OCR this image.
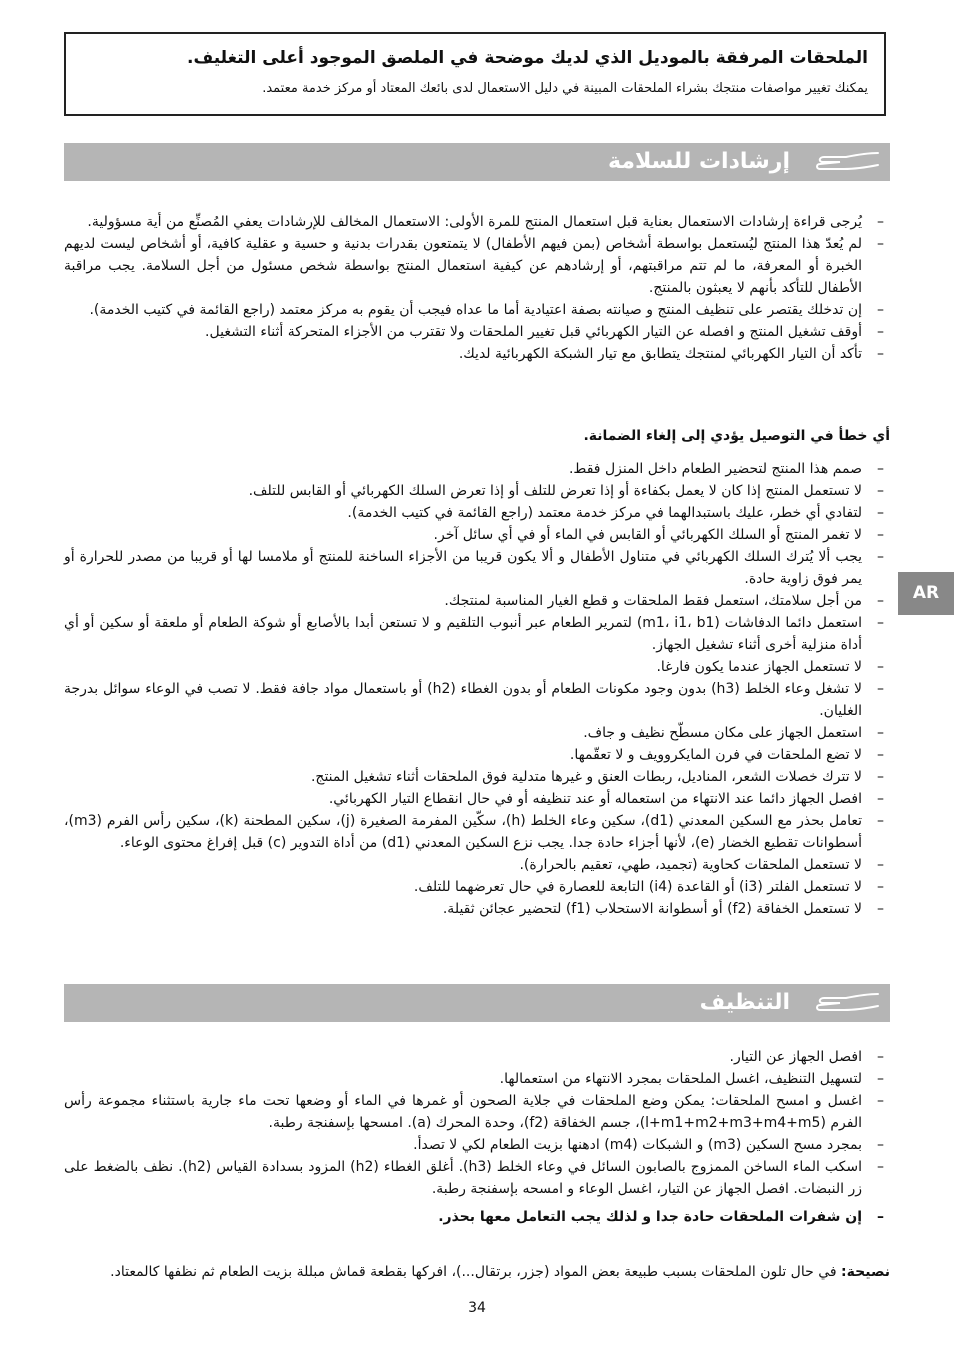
الملحقات المرفقة بالموديل الذي لديك موضحة في الملصق الموجود أعلى التغليف.
يمكنك تغيير مواصفات منتجك بشراء الملحقات المبينة في دليل الاستعمال لدى بائعك المعتاد أو مركز خدمة معتمد.
إرشادات للسلامة
–
يُرجى قراءة إرشادات الاستعمال بعناية قبل استعمال المنتج للمرة الأولى: الاستعمال المخالف للإرشادات يعفي المُصنِّع من أية مسؤولية.
–
لم يُعدّ هذا المنتج ليُستعمل بواسطة أشخاص (بمن فيهم الأطفال) لا يتمتعون بقدرات بدنية و حسية و عقلية كافية، أو أشخاص ليست لديهم الخبرة أو المعرفة، ما لم تتم مراقبتهم، أو إرشادهم عن كيفية استعمال المنتج بواسطة شخص مسئول من أجل السلامة. يجب مراقبة الأطفال للتأكد بأنهم لا يعبثون بالمنتج.
–
إن تدخلك يقتصر على تنظيف المنتج و صيانته بصفة اعتيادية أما ما عداه فيجب أن يقوم به مركز معتمد (راجع القائمة في كتيب الخدمة).
–
أوقف تشغيل المنتج و افصله عن التيار الكهربائي قبل تغيير الملحقات ولا تقترب من الأجزاء المتحركة أثناء التشغيل.
–
تأكد أن التيار الكهربائي لمنتجك يتطابق مع تيار الشبكة الكهربائية لديك.
أي خطأ في التوصيل يؤدي إلى إلغاء الضمانة.
–
صمم هذا المنتج لتحضير الطعام داخل المنزل فقط.
–
لا تستعمل المنتج إذا كان لا يعمل بكفاءة أو إذا تعرض للتلف أو إذا تعرض السلك الكهربائي أو القابس للتلف.
–
لتفادي أي خطر، عليك باستبدالهما في مركز خدمة معتمد (راجع القائمة في كتيب الخدمة).
–
لا تغمر المنتج أو السلك الكهربائي أو القابس في الماء أو في أي سائل آخر.
–
يجب ألا يُترك السلك الكهربائي في متناول الأطفال و ألا يكون قريبا من الأجزاء الساخنة للمنتج أو ملامسا لها أو قريبا من مصدر للحرارة أو يمر فوق زاوية حادة.
–
من أجل سلامتك، استعمل فقط الملحقات و قطع الغيار المناسبة لمنتجك.
–
استعمل دائما الدفاشات (m1، i1، b1) لتمرير الطعام عبر أنبوب التلقيم و لا تستعن أبدا بالأصابع أو شوكة الطعام أو ملعقة أو سكين أو أي أداة منزلية أخرى أثناء تشغيل الجهاز.
–
لا تستعمل الجهاز عندما يكون فارغا.
–
لا تشغل وعاء الخلط (h3) بدون وجود مكونات الطعام أو بدون الغطاء (h2) أو باستعمال مواد جافة فقط. لا تصب في الوعاء سوائل بدرجة الغليان.
–
استعمل الجهاز على مكان مسطّح نظيف و جاف.
–
لا تضع الملحقات في فرن المايكروويف و لا تعقّمها.
–
لا تترك خصلات الشعر، المناديل، ربطات العنق و غيرها متدلية فوق الملحقات أثناء تشغيل المنتج.
–
افصل الجهاز دائما عند الانتهاء من استعماله أو عند تنظيفه أو في حال انقطاع التيار الكهربائي.
–
تعامل بحذر مع السكين المعدني (d1)، سكين وعاء الخلط (h)، سكّين المفرمة الصغيرة (j)، سكين المطحنة (k)، سكين رأس الفرم (m3)، أسطوانات تقطيع الخضار (e)، لأنها أجزاء حادة جدا. يجب نزع السكين المعدني (d1) من أداة التدوير (c) قبل إفراغ محتوى الوعاء.
–
لا تستعمل الملحقات كحاوية (تجميد، طهي، تعقيم بالحرارة).
–
لا تستعمل الفلتر (i3) أو القاعدة (i4) التابعة للعصارة في حال تعرضهما للتلف.
–
لا تستعمل الخفاقة (f2) أو أسطوانة الاستحلاب (f1) لتحضير عجائن ثقيلة.
التنظيف
–
افصل الجهاز عن التيار.
–
لتسهيل التنظيف، اغسل الملحقات بمجرد الانتهاء من استعمالها.
–
اغسل و امسح الملحقات: يمكن وضع الملحقات في جلاية الصحون أو غمرها في الماء أو وضعها تحت ماء جارية باستثناء مجموعة رأس الفرم (l+m1+m2+m3+m4+m5)، جسم الخفاقة (f2)، وحدة المحرك (a). امسحها بإسفنجة رطبة.
–
بمجرد مسح السكين (m3) و الشبكات (m4) ادهنها بزيت الطعام لكي لا تصدأ.
–
اسكب الماء الساخن الممزوج بالصابون السائل في وعاء الخلط (h3). أغلق الغطاء (h2) المزود بسدادة القياس (h2). نظف بالضغط على زر النبضات. افصل الجهاز عن التيار، اغسل الوعاء و امسحه بإسفنجة رطبة.
–
إن شفرات الملحقات حادة جدا و لذلك يجب التعامل معها بحذر.
نصيحة: في حال تلون الملحقات بسبب طبيعة بعض المواد (جزر، برتقال...)، افركها بقطعة قماش مبللة بزيت الطعام ثم نظفها كالمعتاد.
34
AR
